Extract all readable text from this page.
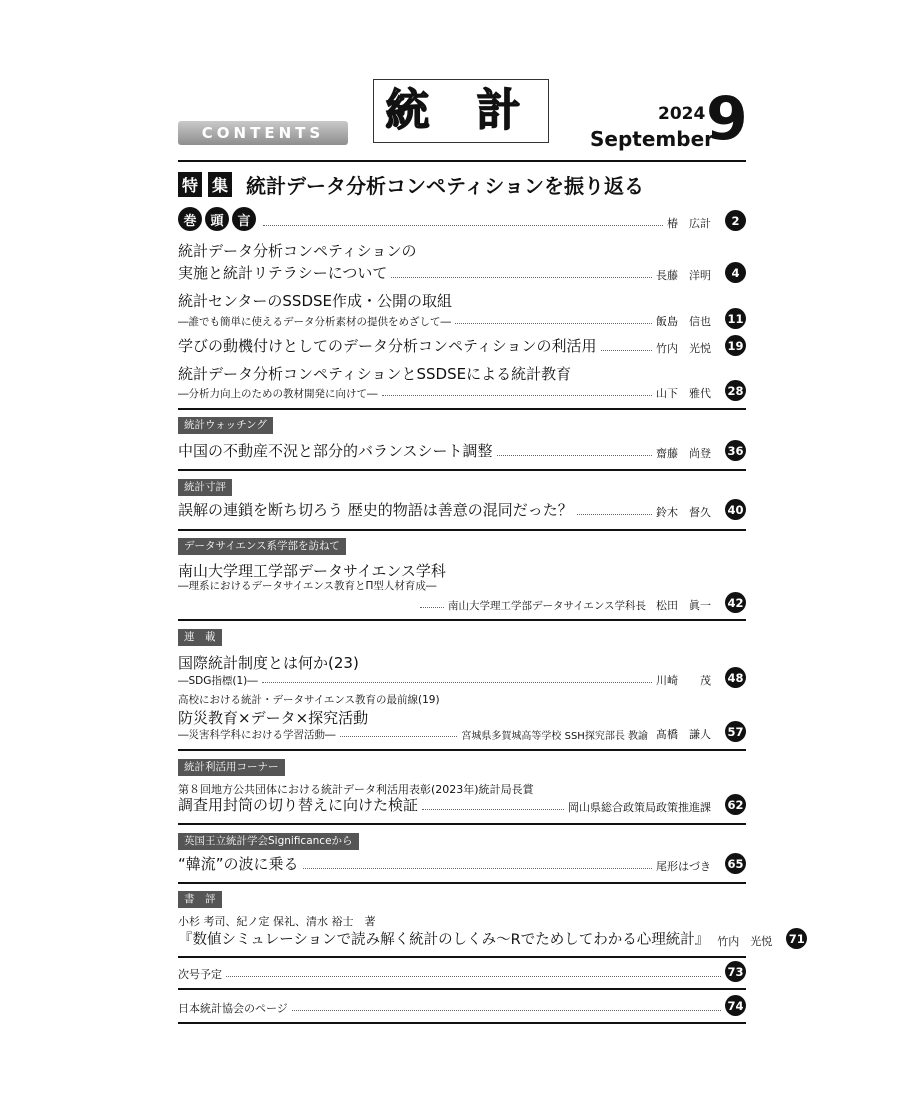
CONTENTS	統 計	2024
September
9
特 集 統計データ分析コンペティションを振り返る
巻 頭 言	椿　広計	2
統計データ分析コンペティションの
実施と統計リテラシーについて	長藤　洋明	4
統計センターのSSDSE作成・公開の取組
―誰でも簡単に使えるデータ分析素材の提供をめざして―	飯島　信也 11
学びの動機付けとしてのデータ分析コンペティションの利活用	竹内　光悦 19
統計データ分析コンペティションとSSDSEによる統計教育
―分析力向上のための教材開発に向けて―	山下　雅代 28
統計ウォッチング
中国の不動産不況と部分的バランスシート調整	齋藤　尚登 36
統計寸評
誤解の連鎖を断ち切ろう 歴史的物語は善意の混同だった？	鈴木　督久 40
データサイエンス系学部を訪ねて
南山大学理工学部データサイエンス学科
―理系におけるデータサイエンス教育とΠ型人材育成―
南山大学理工学部データサイエンス学科長 松田　眞一 42
連　載
国際統計制度とは何か(23)
―SDG指標(1)―	川崎　　茂 48
高校における統計・データサイエンス教育の最前線(19)
防災教育×データ×探究活動
―災害科学科における学習活動―	宮城県多賀城高等学校 SSH探究部長 教諭 髙橋　謙人 57
統計利活用コーナー
第８回地方公共団体における統計データ利活用表彰(2023年)統計局長賞
調査用封筒の切り替えに向けた検証	岡山県総合政策局政策推進課 62
英国王立統計学会Significanceから
“韓流”の波に乗る	尾形はづき 65
書　評
小杉 考司、紀ノ定 保礼、清水 裕士　著
『数値シミュレーションで読み解く統計のしくみ～Rでためしてわかる心理統計』 竹内　光悦 71
次号予定	73
日本統計協会のページ	74
